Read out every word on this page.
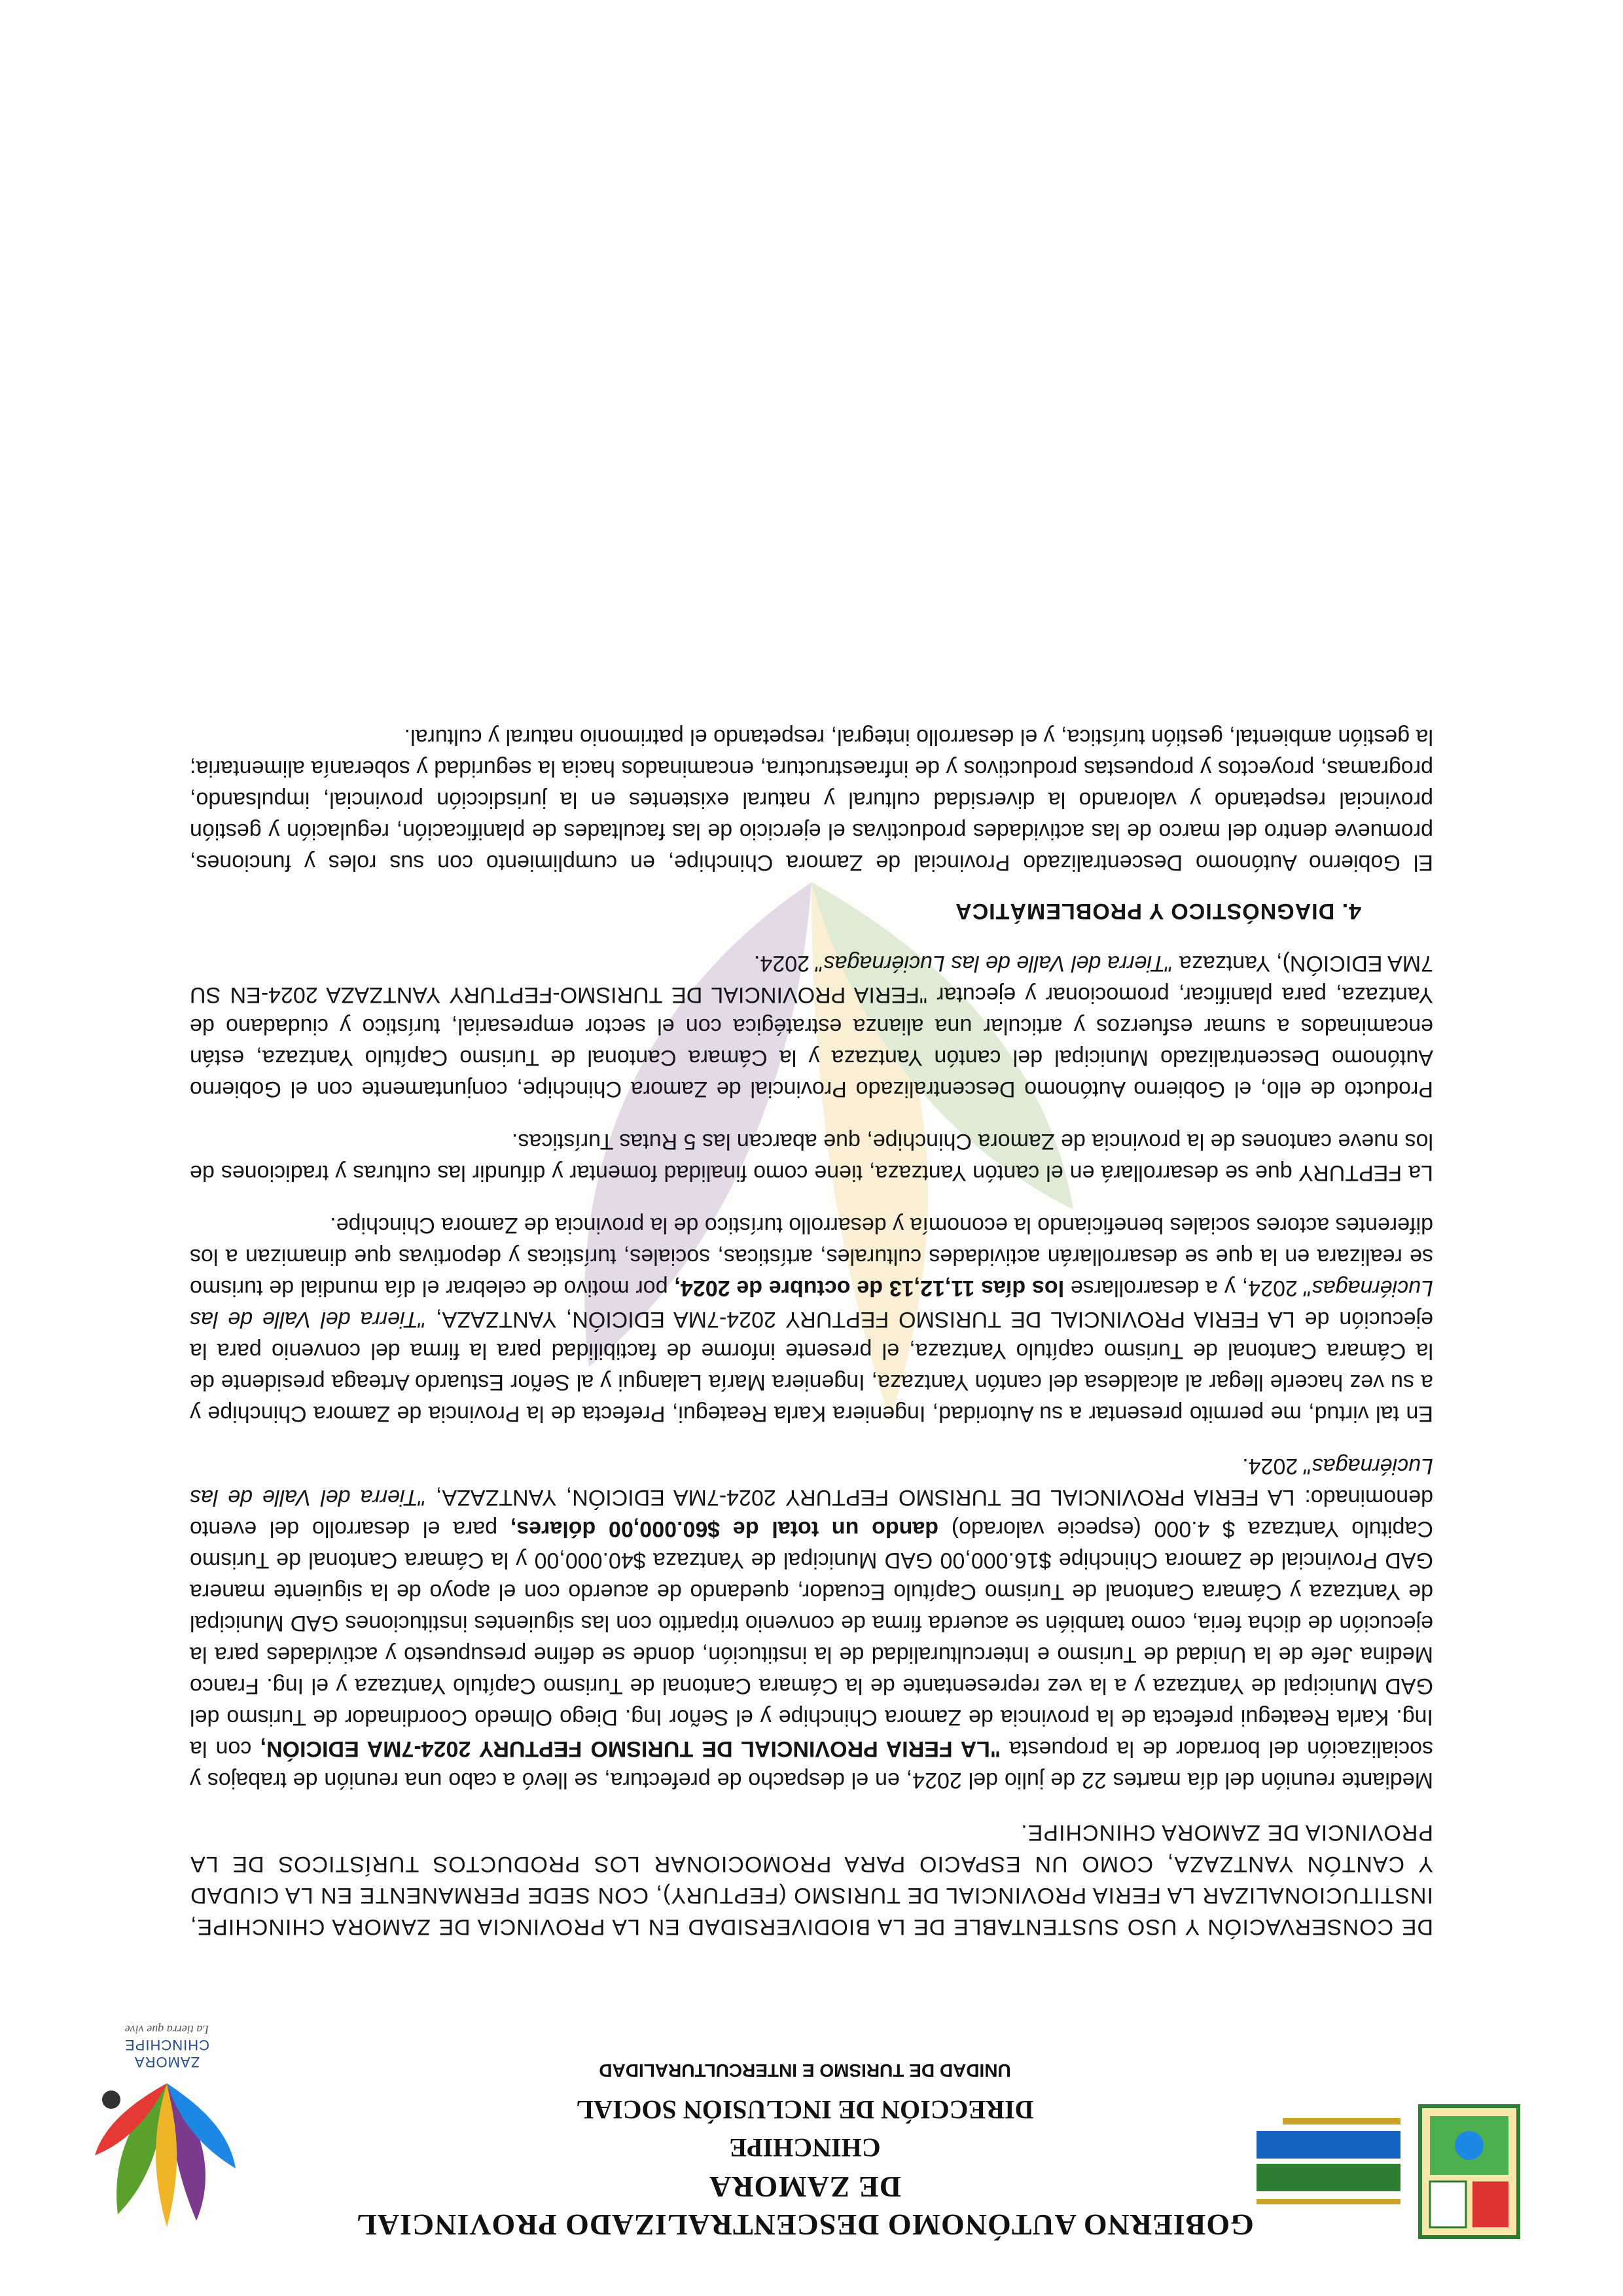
GOBIERNO AUTÓNOMO DESCENTRALIZADO PROVINCIAL DE ZAMORA
CHINCHIPE
DIRECCIÓN DE INCLUSIÓN SOCIAL
UNIDAD DE TURISMO E INTERCULTURALIDAD
ZAMORA CHINCHIPE
La tierra que vive

DE CONSERVACIÓN Y USO SUSTENTABLE DE LA BIODIVERSIDAD EN LA PROVINCIA DE ZAMORA CHINCHIPE, INSTITUCIONALIZAR LA FERIA PROVINCIAL DE TURISMO (FEPTURY), CON SEDE PERMANENTE EN LA CIUDAD Y CANTÓN YANTZAZA, COMO UN ESPACIO PARA PROMOCIONAR LOS PRODUCTOS TURÍSTICOS DE LA PROVINCIA DE ZAMORA CHINCHIPE.

Mediante reunión del día martes 22 de julio del 2024, en el despacho de prefectura, se llevó a cabo una reunión de trabajos y socialización del borrador de la propuesta "LA FERIA PROVINCIAL DE TURISMO FEPTURY 2024-7MA EDICIÓN, con la Ing. Karla Reategui prefecta de la provincia de Zamora Chinchipe y el Señor Ing. Diego Olmedo Coordinador de Turismo del GAD Municipal de Yantzaza y a la vez representante de la Cámara Cantonal de Turismo Capítulo Yantzaza y el Ing. Franco Medina Jefe de la Unidad de Turismo e Interculturalidad de la institución, donde se define presupuesto y actividades para la ejecución de dicha feria, como también se acuerda firma de convenio tripartito con las siguientes instituciones GAD Municipal de Yantzaza y Cámara Cantonal de Turismo Capítulo Ecuador, quedando de acuerdo con el apoyo de la siguiente manera GAD Provincial de Zamora Chinchipe $16.000,00 GAD Municipal de Yantzaza $40.000,00 y la Cámara Cantonal de Turismo Capitulo Yantzaza $ 4.000 (especie valorado) dando un total de $60.000,00 dólares, para el desarrollo del evento denominado: LA FERIA PROVINCIAL DE TURISMO FEPTURY 2024-7MA EDICIÓN, YANTZAZA, "Tierra del Valle de las Luciérnagas" 2024.

En tal virtud, me permito presentar a su Autoridad, Ingeniera Karla Reategui, Prefecta de la Provincia de Zamora Chinchipe y a su vez hacerle llegar al alcaldesa del cantón Yantzaza, Ingeniera María Lalangui y al Señor Estuardo Arteaga presidente de la Cámara Cantonal de Turismo capítulo Yantzaza, el presente informe de factibilidad para la firma del convenio para la ejecución de LA FERIA PROVINCIAL DE TURISMO FEPTURY 2024-7MA EDICIÓN, YANTZAZA, "Tierra del Valle de las Luciérnagas" 2024, y a desarrollarse los días 11,12,13 de octubre de 2024, por motivo de celebrar el día mundial de turismo se realizara en la que se desarrollarán actividades culturales, artísticas, sociales, turísticas y deportivas que dinamizan a los diferentes actores sociales beneficiando la economía y desarrollo turístico de la provincia de Zamora Chinchipe.

La FEPTURY que se desarrollará en el cantón Yantzaza, tiene como finalidad fomentar y difundir las culturas y tradiciones de los nueve cantones de la provincia de Zamora Chinchipe, que abarcan las 5 Rutas Turísticas.

Producto de ello, el Gobierno Autónomo Descentralizado Provincial de Zamora Chinchipe, conjuntamente con el Gobierno Autónomo Descentralizado Municipal del cantón Yantzaza y la Cámara Cantonal de Turismo Capítulo Yantzaza, están encaminados a sumar esfuerzos y articular una alianza estratégica con el sector empresarial, turístico y ciudadano de Yantzaza, para planificar, promocionar y ejecutar "FERIA PROVINCIAL DE TURISMO-FEPTURY YANTZAZA 2024-EN SU 7MA EDICIÓN), Yantzaza "Tierra del Valle de las Luciérnagas" 2024.

4. DIAGNÓSTICO Y PROBLEMÁTICA

El Gobierno Autónomo Descentralizado Provincial de Zamora Chinchipe, en cumplimiento con sus roles y funciones, promueve dentro del marco de las actividades productivas el ejercicio de las facultades de planificación, regulación y gestión provincial respetando y valorando la diversidad cultural y natural existentes en la jurisdicción provincial, impulsando, programas, proyectos y propuestas productivos y de infraestructura, encaminados hacia la seguridad y soberanía alimentaria; la gestión ambiental, gestión turística, y el desarrollo integral, respetando el patrimonio natural y cultural.
